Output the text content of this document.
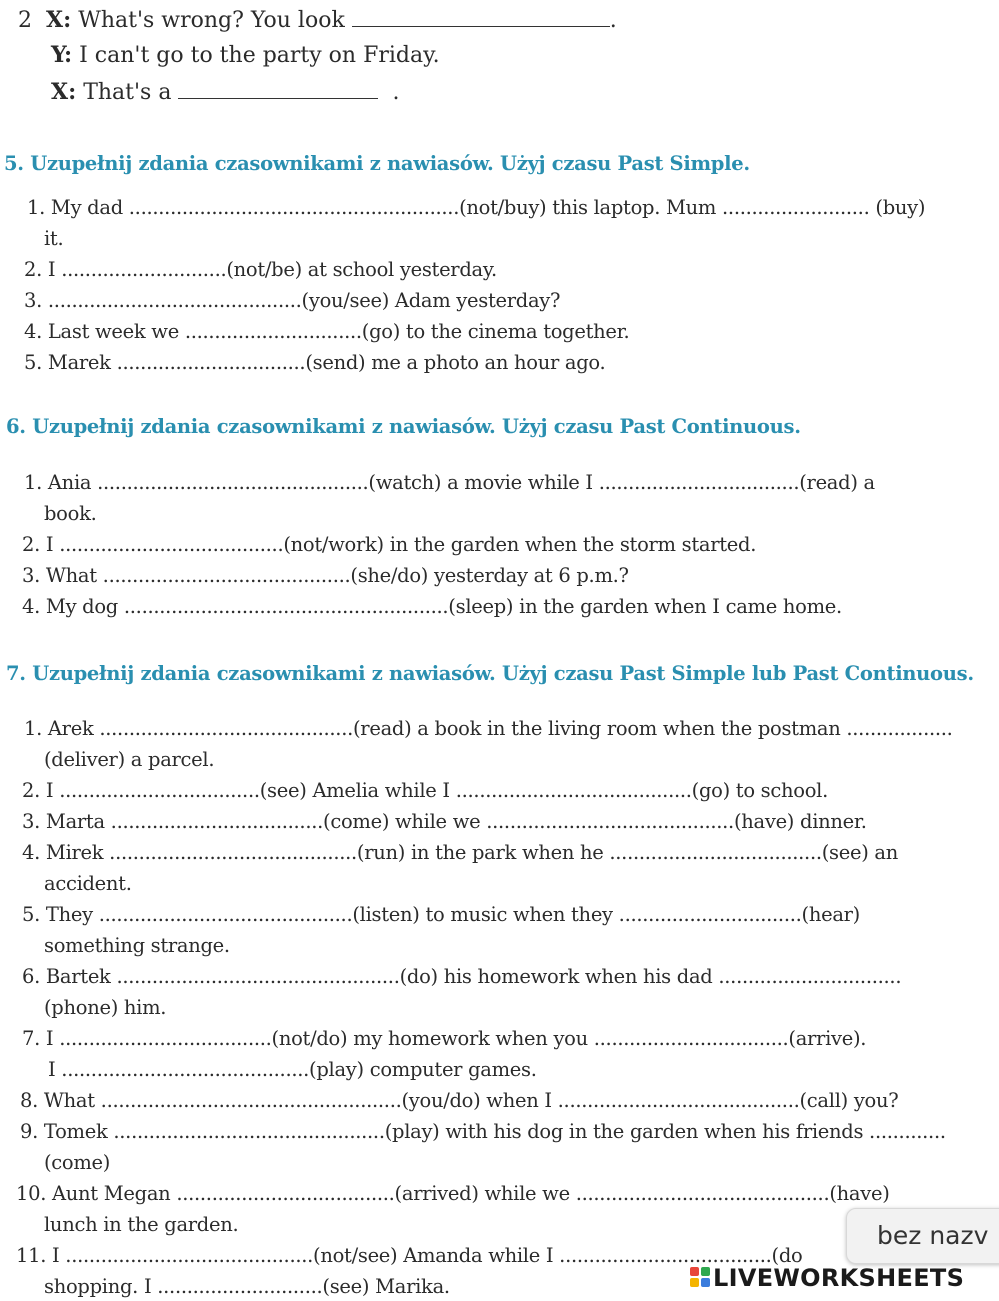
2 X: What's wrong? You look	.
Y: I can't go to the party on Friday.
X: That's a	.
5. Uzupełnij zdania czasownikami z nawiasów. Użyj czasu Past Simple.
1. My dad ........................................................(not/buy) this laptop. Mum ......................... (buy)
it.
2. I ............................(not/be) at school yesterday.
3. ...........................................(you/see) Adam yesterday?
4. Last week we ..............................(go) to the cinema together.
5. Marek ................................(send) me a photo an hour ago.
6. Uzupełnij zdania czasownikami z nawiasów. Użyj czasu Past Continuous.
1. Ania ..............................................(watch) a movie while I ..................................(read) a
book.
2. I ......................................(not/work) in the garden when the storm started.
3. What ..........................................(she/do) yesterday at 6 p.m.?
4. My dog .......................................................(sleep) in the garden when I came home.
7. Uzupełnij zdania czasownikami z nawiasów. Użyj czasu Past Simple lub Past Continuous.
1. Arek ...........................................(read) a book in the living room when the postman ..................
(deliver) a parcel.
2. I ..................................(see) Amelia while I ........................................(go) to school.
3. Marta ....................................(come) while we ..........................................(have) dinner.
4. Mirek ..........................................(run) in the park when he ....................................(see) an
accident.
5. They ...........................................(listen) to music when they ...............................(hear)
something strange.
6. Bartek ................................................(do) his homework when his dad ...............................
(phone) him.
7. I ....................................(not/do) my homework when you .................................(arrive).
I ..........................................(play) computer games.
8. What ...................................................(you/do) when I .........................................(call) you?
9. Tomek ..............................................(play) with his dog in the garden when his friends .............
(come)
10. Aunt Megan .....................................(arrived) while we ...........................................(have)
lunch in the garden.
11. I ..........................................(not/see) Amanda while I ....................................(do
shopping. I ............................(see) Marika.
bez nazv
LIVEWORKSHEETS
